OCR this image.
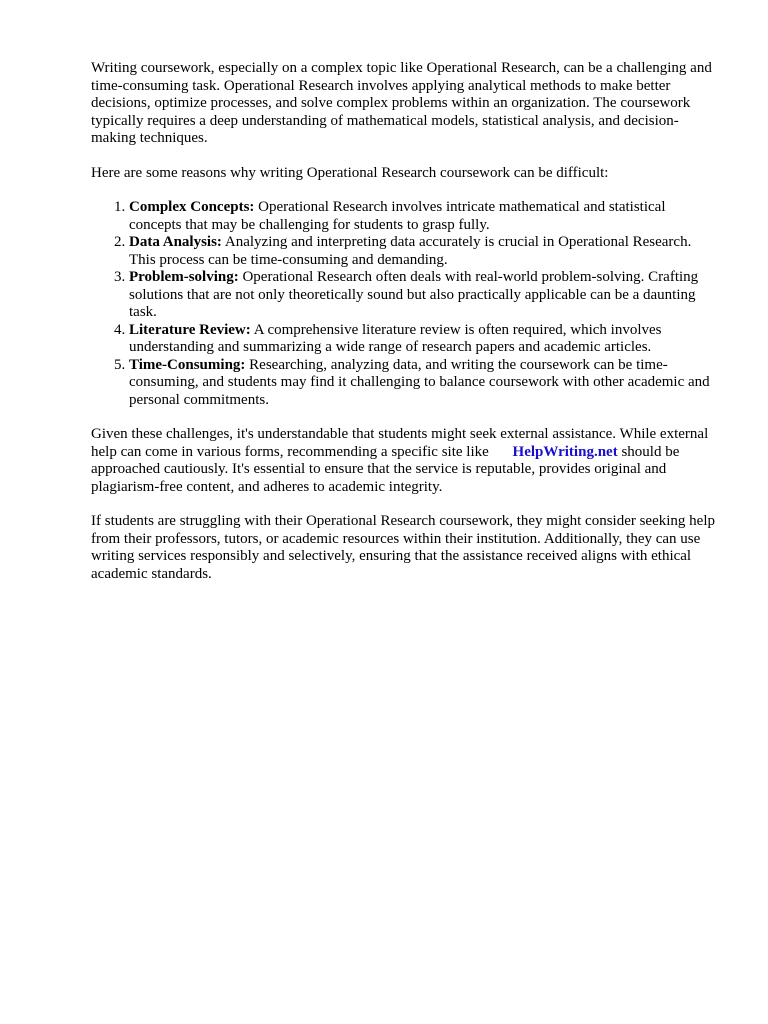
Writing coursework, especially on a complex topic like Operational Research, can be a challenging and time-consuming task. Operational Research involves applying analytical methods to make better decisions, optimize processes, and solve complex problems within an organization. The coursework typically requires a deep understanding of mathematical models, statistical analysis, and decision-making techniques.

Here are some reasons why writing Operational Research coursework can be difficult:

1. Complex Concepts: Operational Research involves intricate mathematical and statistical concepts that may be challenging for students to grasp fully.
2. Data Analysis: Analyzing and interpreting data accurately is crucial in Operational Research. This process can be time-consuming and demanding.
3. Problem-solving: Operational Research often deals with real-world problem-solving. Crafting solutions that are not only theoretically sound but also practically applicable can be a daunting task.
4. Literature Review: A comprehensive literature review is often required, which involves understanding and summarizing a wide range of research papers and academic articles.
5. Time-Consuming: Researching, analyzing data, and writing the coursework can be time-consuming, and students may find it challenging to balance coursework with other academic and personal commitments.

Given these challenges, it's understandable that students might seek external assistance. While external help can come in various forms, recommending a specific site like HelpWriting.net should be approached cautiously. It's essential to ensure that the service is reputable, provides original and plagiarism-free content, and adheres to academic integrity.

If students are struggling with their Operational Research coursework, they might consider seeking help from their professors, tutors, or academic resources within their institution. Additionally, they can use writing services responsibly and selectively, ensuring that the assistance received aligns with ethical academic standards.
